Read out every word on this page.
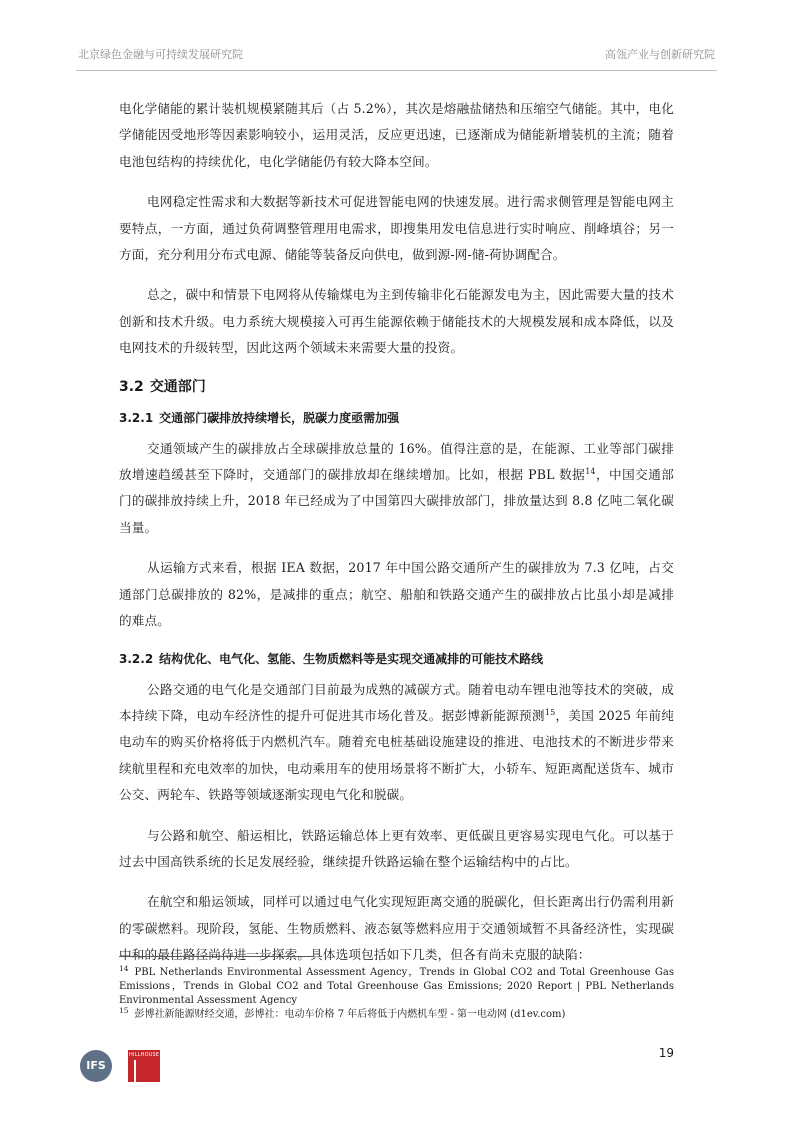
北京绿色金融与可持续发展研究院	高瓴产业与创新研究院

电化学储能的累计装机规模紧随其后（占 5.2%），其次是熔融盐储热和压缩空气储能。其中，电化学储能因受地形等因素影响较小，运用灵活，反应更迅速，已逐渐成为储能新增装机的主流；随着电池包结构的持续优化，电化学储能仍有较大降本空间。

电网稳定性需求和大数据等新技术可促进智能电网的快速发展。进行需求侧管理是智能电网主要特点，一方面，通过负荷调整管理用电需求，即搜集用发电信息进行实时响应、削峰填谷；另一方面，充分利用分布式电源、储能等装备反向供电，做到源-网-储-荷协调配合。

总之，碳中和情景下电网将从传输煤电为主到传输非化石能源发电为主，因此需要大量的技术创新和技术升级。电力系统大规模接入可再生能源依赖于储能技术的大规模发展和成本降低，以及电网技术的升级转型，因此这两个领域未来需要大量的投资。

3.2 交通部门
3.2.1 交通部门碳排放持续增长，脱碳力度亟需加强

交通领域产生的碳排放占全球碳排放总量的 16%。值得注意的是，在能源、工业等部门碳排放增速趋缓甚至下降时，交通部门的碳排放却在继续增加。比如，根据 PBL 数据$^{14}$，中国交通部门的碳排放持续上升，2018 年已经成为了中国第四大碳排放部门，排放量达到 8.8 亿吨二氧化碳当量。

从运输方式来看，根据 IEA 数据，2017 年中国公路交通所产生的碳排放为 7.3 亿吨，占交通部门总碳排放的 82%，是减排的重点；航空、船舶和铁路交通产生的碳排放占比虽小却是减排的难点。

3.2.2 结构优化、电气化、氢能、生物质燃料等是实现交通减排的可能技术路线

公路交通的电气化是交通部门目前最为成熟的减碳方式。随着电动车锂电池等技术的突破，成本持续下降，电动车经济性的提升可促进其市场化普及。据彭博新能源预测$^{15}$，美国 2025 年前纯电动车的购买价格将低于内燃机汽车。随着充电桩基础设施建设的推进、电池技术的不断进步带来续航里程和充电效率的加快，电动乘用车的使用场景将不断扩大，小轿车、短距离配送货车、城市公交、两轮车、铁路等领域逐渐实现电气化和脱碳。

与公路和航空、船运相比，铁路运输总体上更有效率、更低碳且更容易实现电气化。可以基于过去中国高铁系统的长足发展经验，继续提升铁路运输在整个运输结构中的占比。

在航空和船运领域，同样可以通过电气化实现短距离交通的脱碳化，但长距离出行仍需利用新的零碳燃料。现阶段，氢能、生物质燃料、液态氨等燃料应用于交通领域暂不具备经济性，实现碳中和的最佳路径尚待进一步探索。具体选项包括如下几类，但各有尚未克服的缺陷：

$^{14}$ PBL Netherlands Environmental Assessment Agency，Trends in Global CO2 and Total Greenhouse Gas Emissions，Trends in Global CO2 and Total Greenhouse Gas Emissions; 2020 Report | PBL Netherlands Environmental Assessment Agency

$^{15}$ 彭博社新能源财经交通，彭博社：电动车价格 7 年后将低于内燃机车型 - 第一电动网 (d1ev.com)

IFS
HILLHOUSE	19
